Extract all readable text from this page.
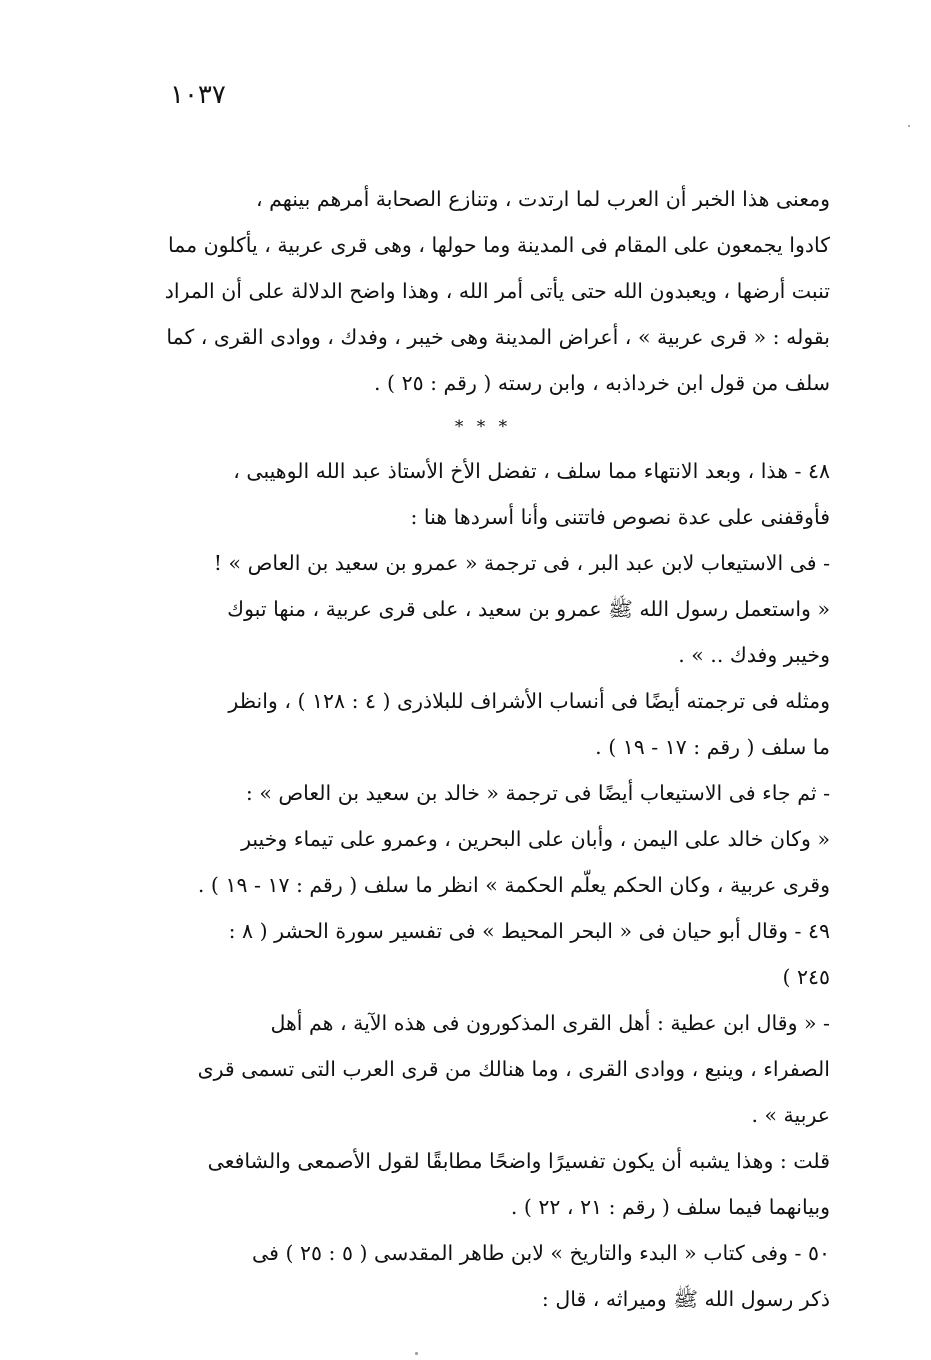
١٠٣٧
ومعنى هذا الخبر أن العرب لما ارتدت ، وتنازع الصحابة أمرهم بينهم ،
كادوا يجمعون على المقام فى المدينة وما حولها ، وهى قرى عربية ، يأكلون مما
تنبت أرضها ، ويعبدون الله حتى يأتى أمر الله ، وهذا واضح الدلالة على أن المراد
بقوله : « قرى عربية » ، أعراض المدينة وهى خيبر ، وفدك ، ووادى القرى ، كما
سلف من قول ابن خرداذبه ، وابن رسته ( رقم : ٢٥ ) .
* * *
٤٨ - هذا ، وبعد الانتهاء مما سلف ، تفضل الأخ الأستاذ عبد الله الوهيبى ،
فأوقفنى على عدة نصوص فاتتنى وأنا أسردها هنا :
- فى الاستيعاب لابن عبد البر ، فى ترجمة « عمرو بن سعيد بن العاص » !
« واستعمل رسول الله ﷺ عمرو بن سعيد ، على قرى عربية ، منها تبوك
وخيبر وفدك .. » .
ومثله فى ترجمته أيضًا فى أنساب الأشراف للبلاذرى ( ٤ : ١٢٨ ) ، وانظر
ما سلف ( رقم : ١٧ - ١٩ ) .
- ثم جاء فى الاستيعاب أيضًا فى ترجمة « خالد بن سعيد بن العاص » :
« وكان خالد على اليمن ، وأبان على البحرين ، وعمرو على تيماء وخيبر
وقرى عربية ، وكان الحكم يعلّم الحكمة » انظر ما سلف ( رقم : ١٧ - ١٩ ) .
٤٩ - وقال أبو حيان فى « البحر المحيط » فى تفسير سورة الحشر ( ٨ :
٢٤٥ )
- « وقال ابن عطية : أهل القرى المذكورون فى هذه الآية ، هم أهل
الصفراء ، وينبع ، ووادى القرى ، وما هنالك من قرى العرب التى تسمى قرى
عربية » .
قلت : وهذا يشبه أن يكون تفسيرًا واضحًا مطابقًا لقول الأصمعى والشافعى
وبيانهما فيما سلف ( رقم : ٢١ ، ٢٢ ) .
٥٠ - وفى كتاب « البدء والتاريخ » لابن طاهر المقدسى ( ٥ : ٢٥ ) فى
ذكر رسول الله ﷺ وميراثه ، قال :
